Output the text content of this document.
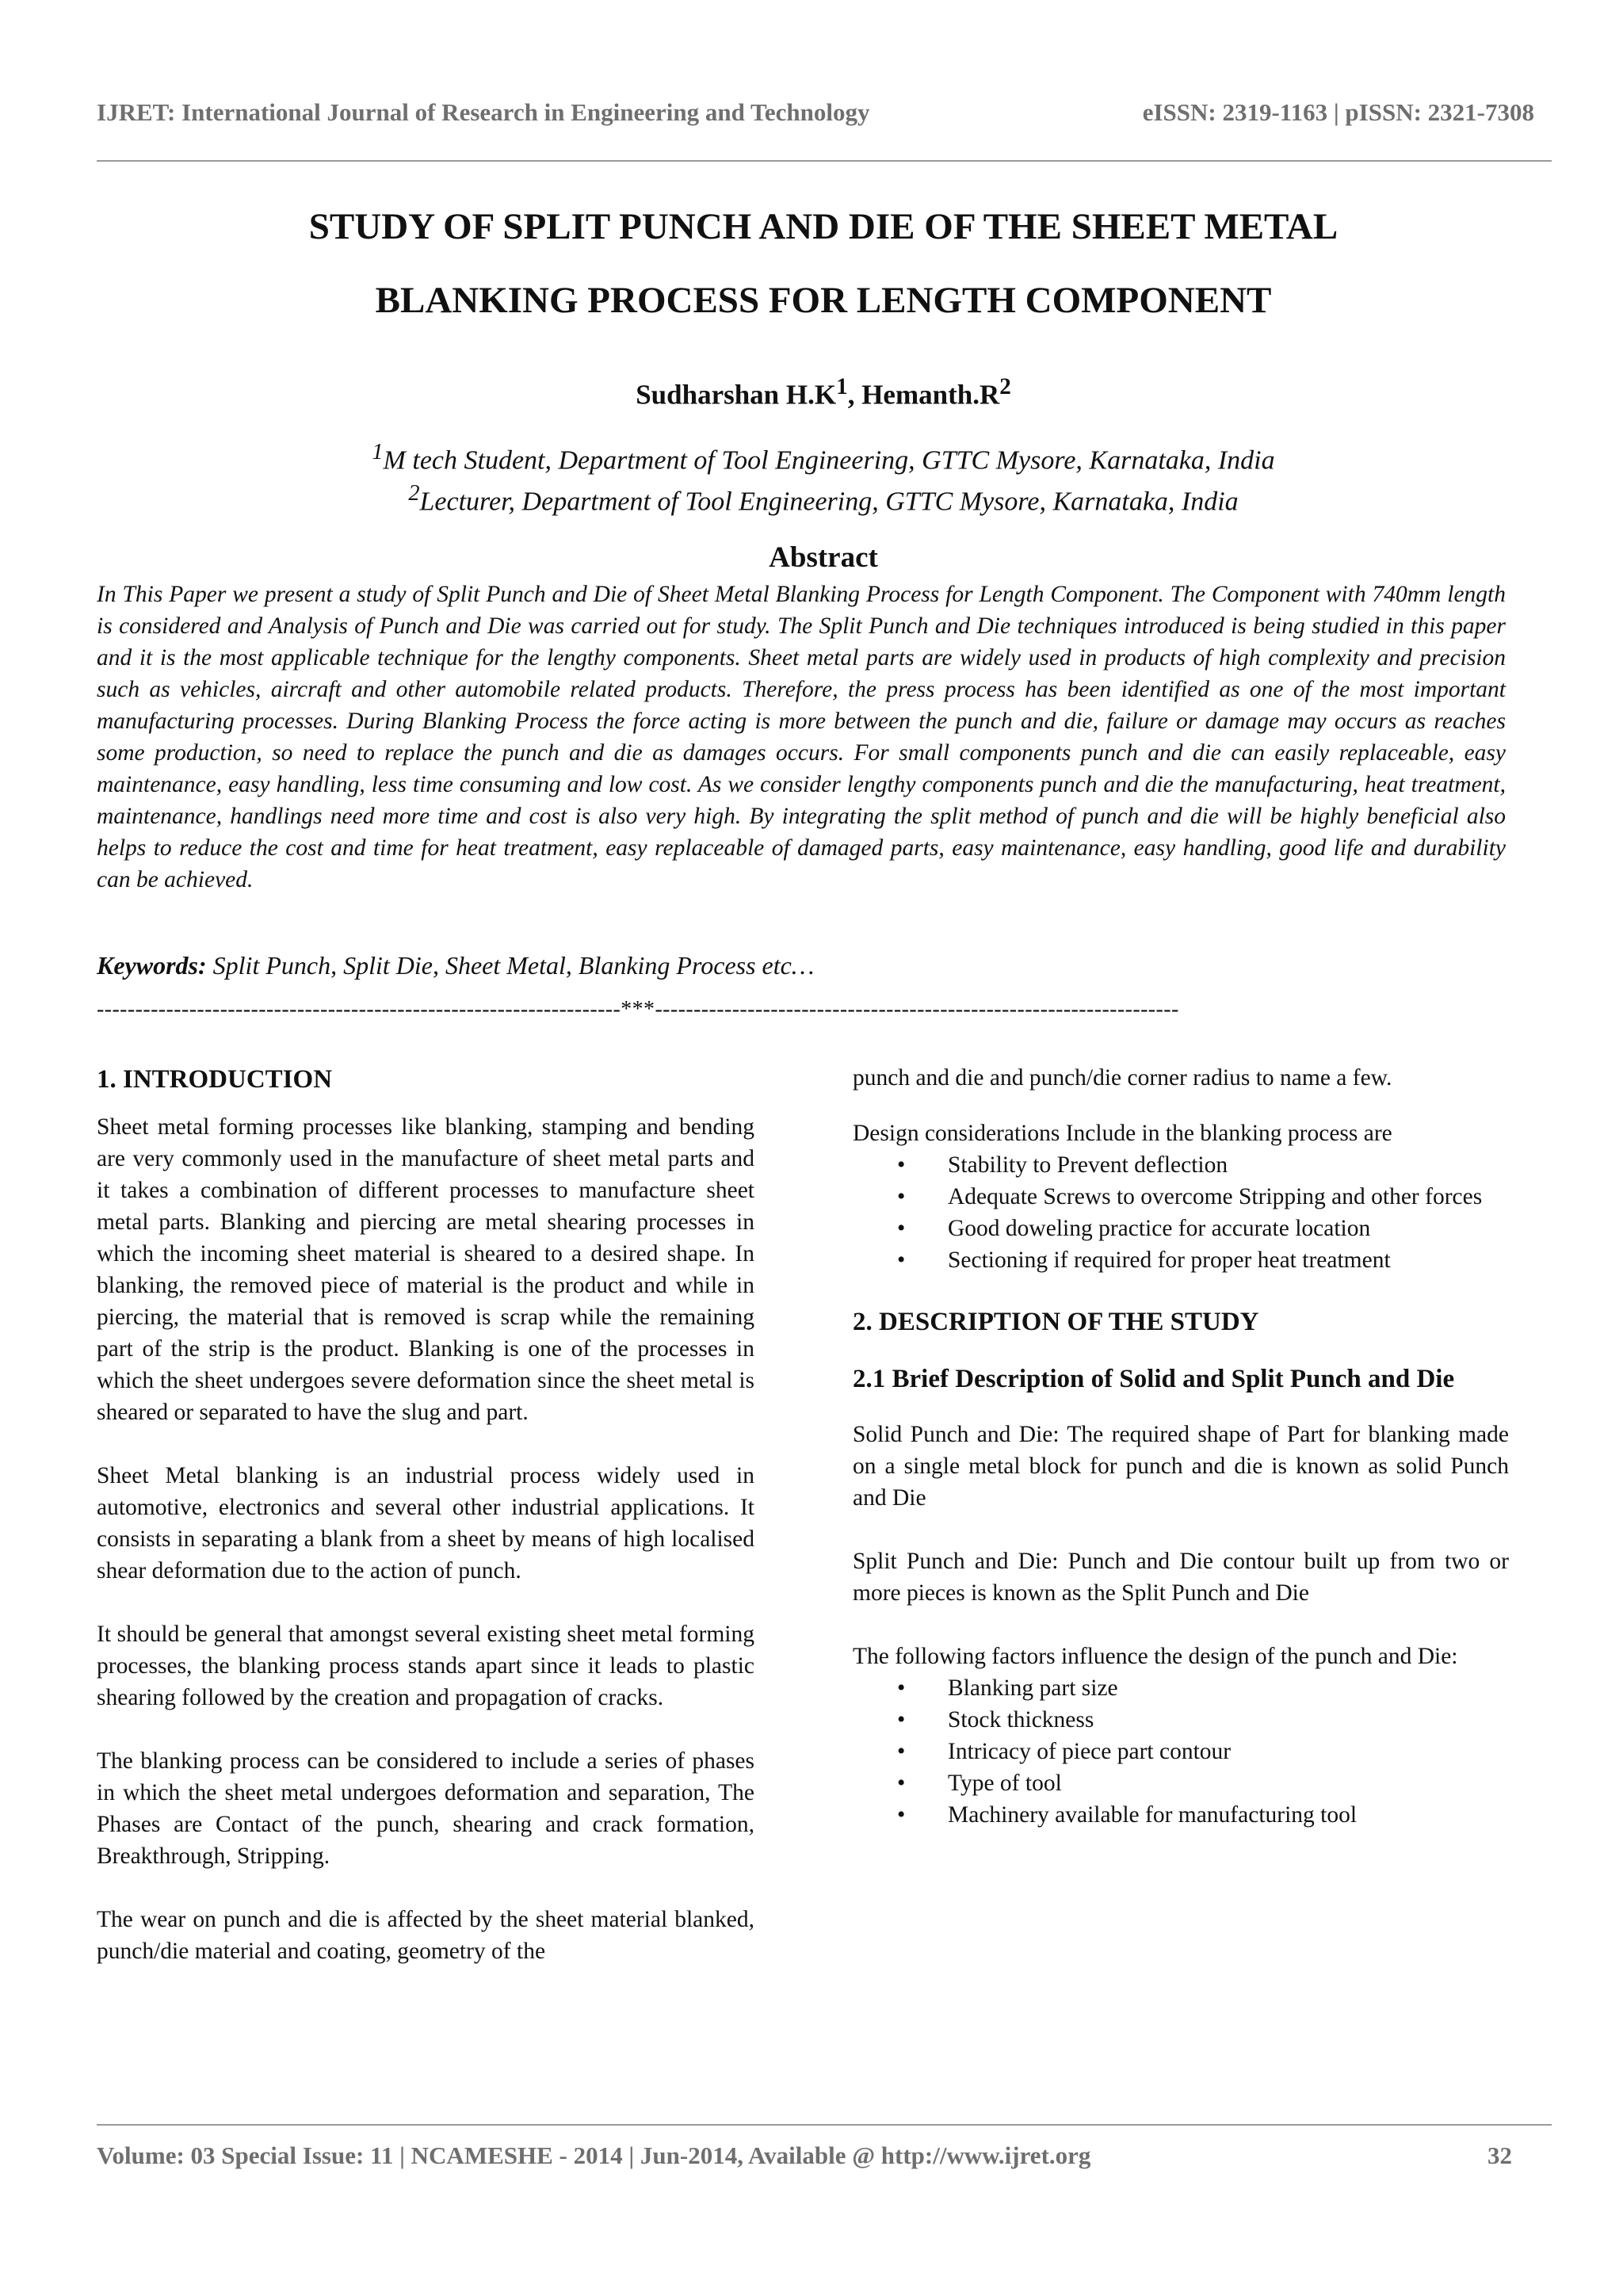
IJRET: International Journal of Research in Engineering and Technology	eISSN: 2319-1163 | pISSN: 2321-7308
STUDY OF SPLIT PUNCH AND DIE OF THE SHEET METAL
BLANKING PROCESS FOR LENGTH COMPONENT
Sudharshan $H.K^1$, $Hemanth.R^2$
$^1$M tech Student, Department of Tool Engineering, GTTC Mysore, Karnataka, India
$^2$Lecturer, Department of Tool Engineering, GTTC Mysore, Karnataka, India
Abstract
In This Paper we present a study of Split Punch and Die of Sheet Metal Blanking Process for Length Component. The Component with 740mm length is considered and Analysis of Punch and Die was carried out for study. The Split Punch and Die techniques introduced is being studied in this paper and it is the most applicable technique for the lengthy components. Sheet metal parts are widely used in products of high complexity and precision such as vehicles, aircraft and other automobile related products. Therefore, the press process has been identified as one of the most important manufacturing processes. During Blanking Process the force acting is more between the punch and die, failure or damage may occurs as reaches some production, so need to replace the punch and die as damages occurs. For small components punch and die can easily replaceable, easy maintenance, easy handling, less time consuming and low cost. As we consider lengthy components punch and die the manufacturing, heat treatment, maintenance, handlings need more time and cost is also very high. By integrating the split method of punch and die will be highly beneficial also helps to reduce the cost and time for heat treatment, easy replaceable of damaged parts, easy maintenance, easy handling, good life and durability can be achieved.
Keywords: Split Punch, Split Die, Sheet Metal, Blanking Process etc…
--------------------------------------------------------------------***--------------------------------------------------------------------
1. INTRODUCTION

Sheet metal forming processes like blanking, stamping and bending are very commonly used in the manufacture of sheet metal parts and it takes a combination of different processes to manufacture sheet metal parts. Blanking and piercing are metal shearing processes in which the incoming sheet material is sheared to a desired shape. In blanking, the removed piece of material is the product and while in piercing, the material that is removed is scrap while the remaining part of the strip is the product. Blanking is one of the processes in which the sheet undergoes severe deformation since the sheet metal is sheared or separated to have the slug and part.

Sheet Metal blanking is an industrial process widely used in automotive, electronics and several other industrial applications. It consists in separating a blank from a sheet by means of high localised shear deformation due to the action of punch.

It should be general that amongst several existing sheet metal forming processes, the blanking process stands apart since it leads to plastic shearing followed by the creation and propagation of cracks.

The blanking process can be considered to include a series of phases in which the sheet metal undergoes deformation and separation, The Phases are Contact of the punch, shearing and crack formation, Breakthrough, Stripping.

The wear on punch and die is affected by the sheet material blanked, punch/die material and coating, geometry of the

punch and die and punch/die corner radius to name a few.

Design considerations Include in the blanking process are

• Stability to Prevent deflection
• Adequate Screws to overcome Stripping and other forces
• Good doweling practice for accurate location
• Sectioning if required for proper heat treatment
2. DESCRIPTION OF THE STUDY
2.1 Brief Description of Solid and Split Punch and Die

Solid Punch and Die: The required shape of Part for blanking made on a single metal block for punch and die is known as solid Punch and Die

Split Punch and Die: Punch and Die contour built up from two or more pieces is known as the Split Punch and Die

The following factors influence the design of the punch and Die:

• Blanking part size
• Stock thickness
• Intricacy of piece part contour
• Type of tool
• Machinery available for manufacturing tool
Volume: 03 Special Issue: 11 | NCAMESHE - 2014 | Jun-2014, Available @ http://www.ijret.org	32
